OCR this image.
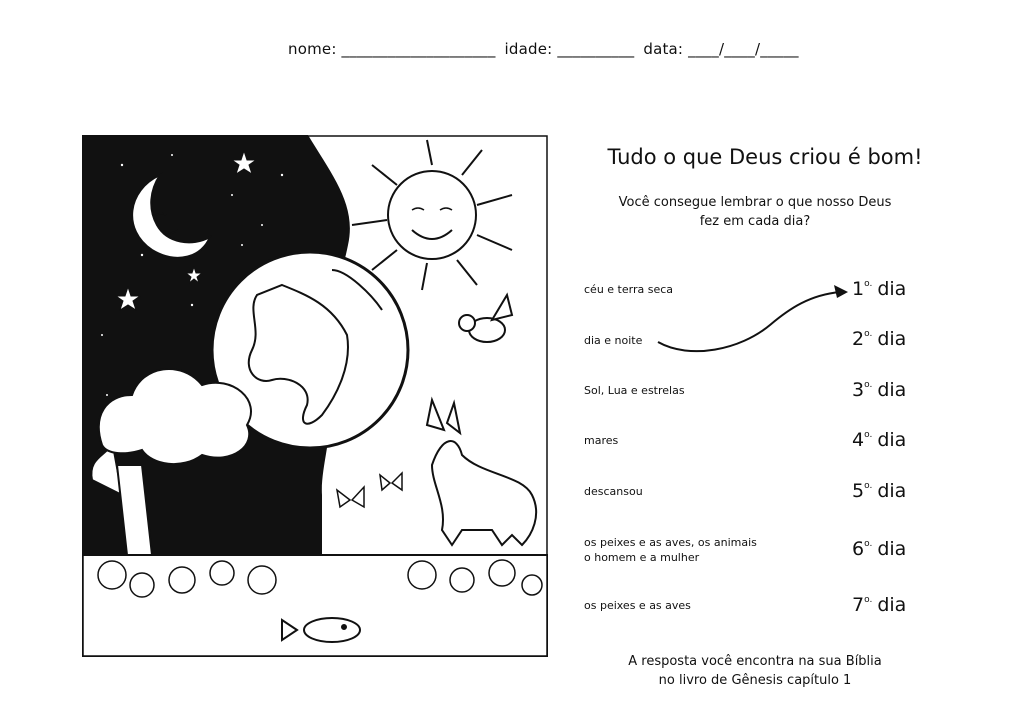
nome: ____________________ idade: __________ data: ____/____/_____
Tudo o que Deus criou é bom!
Você consegue lembrar o que nosso Deus
fez em cada dia?
céu e terra seca
dia e noite
Sol, Lua e estrelas
mares
descansou
os peixes e as aves, os animais
o homem e a mulher
os peixes e as aves
$1^{o.}$ dia
$2^{o.}$ dia
$3^{o.}$ dia
$4^{o.}$ dia
$5^{o.}$ dia
$6^{o.}$ dia
$7^{o.}$ dia
A resposta você encontra na sua Bíblia
no livro de Gênesis capítulo 1
